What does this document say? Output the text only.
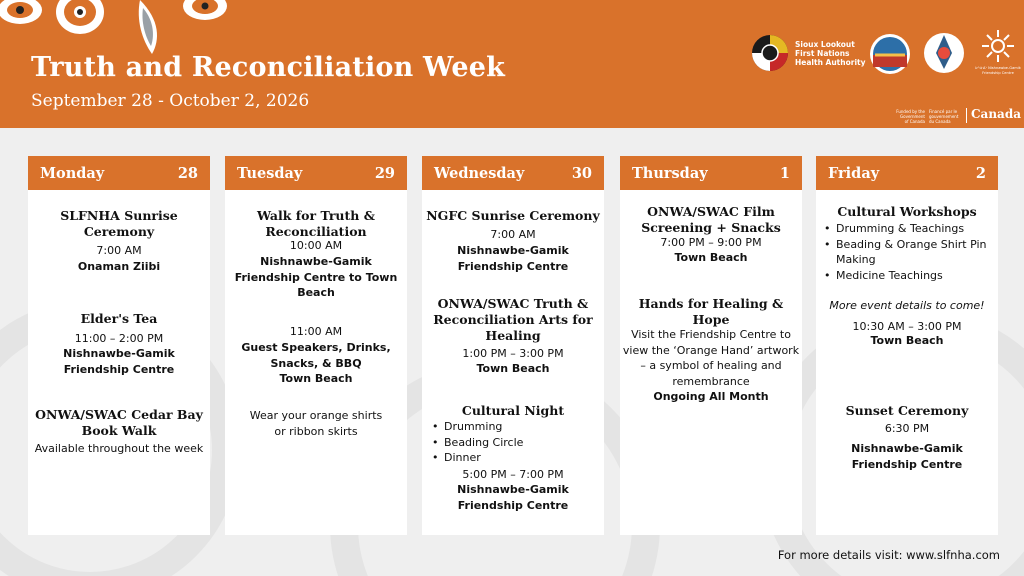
Truth and Reconciliation Week
September 28 - October 2, 2026
Sioux Lookout
First Nations
Health Authority
ᐅᐢᐋᐧᐃᐠ Nishnawbe-Gamik Friendship Centre
Funded by the
Government
of Canada
Financé par le
gouvernement
du Canada
Canada
Monday	28
SLFNHA Sunrise Ceremony
7:00 AM
Onaman Ziibi
Elder's Tea
11:00 – 2:00 PM
Nishnawbe-Gamik Friendship Centre
ONWA/SWAC Cedar Bay Book Walk
Available throughout the week
Tuesday	29
Walk for Truth & Reconciliation
10:00 AM
Nishnawbe-Gamik Friendship Centre to Town Beach
11:00 AM
Guest Speakers, Drinks, Snacks, & BBQ
Town Beach
Wear your orange shirts or ribbon skirts
Wednesday	30
NGFC Sunrise Ceremony
7:00 AM
Nishnawbe-Gamik Friendship Centre
ONWA/SWAC Truth & Reconciliation Arts for Healing
1:00 PM – 3:00 PM
Town Beach
Cultural Night
• Drumming
• Beading Circle
• Dinner
5:00 PM – 7:00 PM
Nishnawbe-Gamik Friendship Centre
Thursday	1
ONWA/SWAC Film Screening + Snacks
7:00 PM – 9:00 PM
Town Beach
Hands for Healing & Hope
Visit the Friendship Centre to view the ‘Orange Hand’ artwork – a symbol of healing and remembrance
Ongoing All Month
Friday	2
Cultural Workshops
• Drumming & Teachings
• Beading & Orange Shirt Pin Making
• Medicine Teachings
More event details to come!
10:30 AM – 3:00 PM
Town Beach
Sunset Ceremony
6:30 PM
Nishnawbe-Gamik Friendship Centre
For more details visit: www.slfnha.com
